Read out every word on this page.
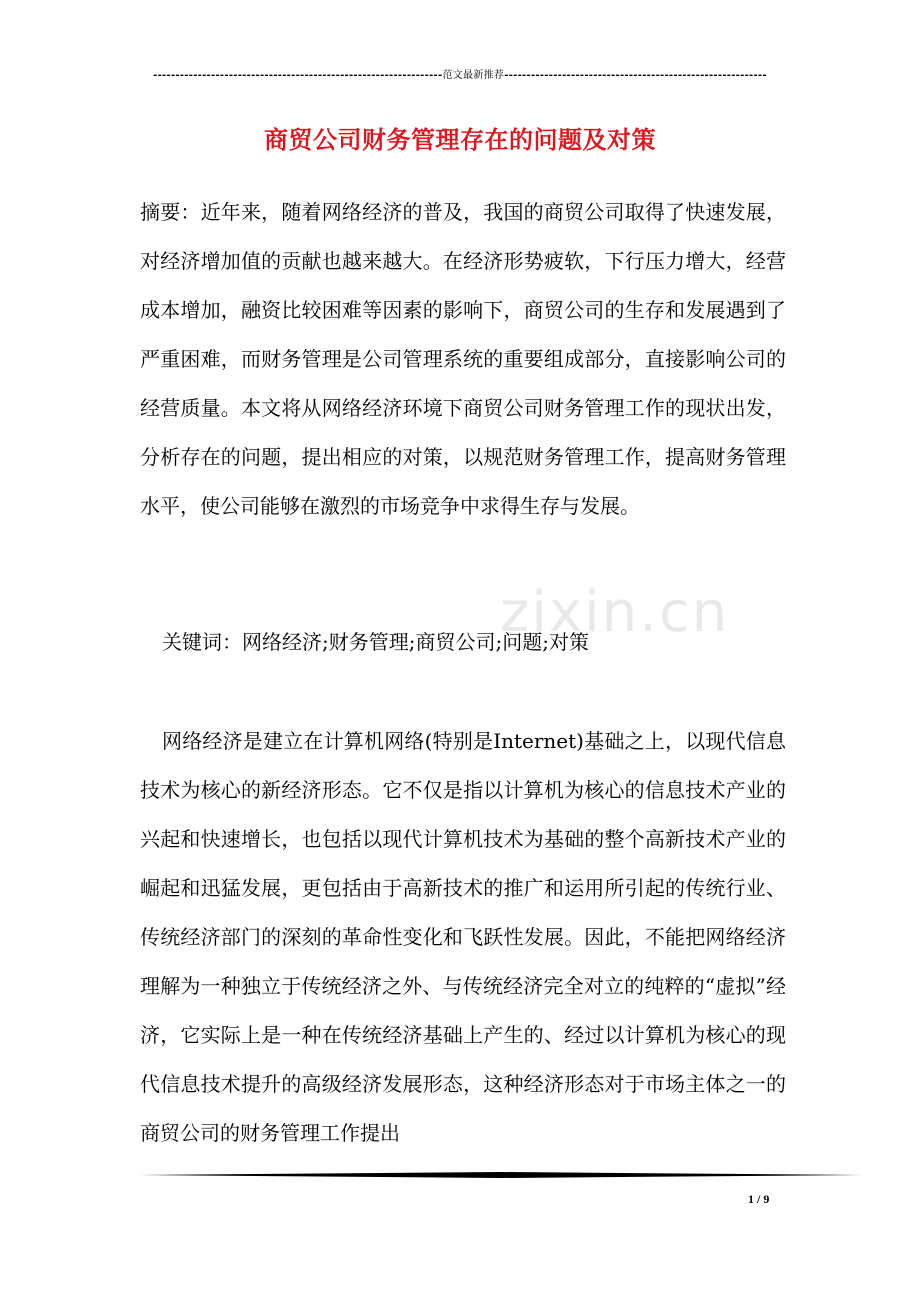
-----------------------------------------------------------------范文最新推荐-----------------------------------------------------------
商贸公司财务管理存在的问题及对策

摘要：近年来，随着网络经济的普及，我国的商贸公司取得了快速发展，对经济增加值的贡献也越来越大。在经济形势疲软，下行压力增大，经营成本增加，融资比较困难等因素的影响下，商贸公司的生存和发展遇到了严重困难，而财务管理是公司管理系统的重要组成部分，直接影响公司的经营质量。本文将从网络经济环境下商贸公司财务管理工作的现状出发，分析存在的问题，提出相应的对策，以规范财务管理工作，提高财务管理水平，使公司能够在激烈的市场竞争中求得生存与发展。

zixin.cn

关键词：网络经济;财务管理;商贸公司;问题;对策

网络经济是建立在计算机网络(特别是Internet)基础之上，以现代信息技术为核心的新经济形态。它不仅是指以计算机为核心的信息技术产业的兴起和快速增长，也包括以现代计算机技术为基础的整个高新技术产业的崛起和迅猛发展，更包括由于高新技术的推广和运用所引起的传统行业、传统经济部门的深刻的革命性变化和飞跃性发展。因此，不能把网络经济理解为一种独立于传统经济之外、与传统经济完全对立的纯粹的“虚拟”经济，它实际上是一种在传统经济基础上产生的、经过以计算机为核心的现代信息技术提升的高级经济发展形态，这种经济形态对于市场主体之一的商贸公司的财务管理工作提出

1 / 9
